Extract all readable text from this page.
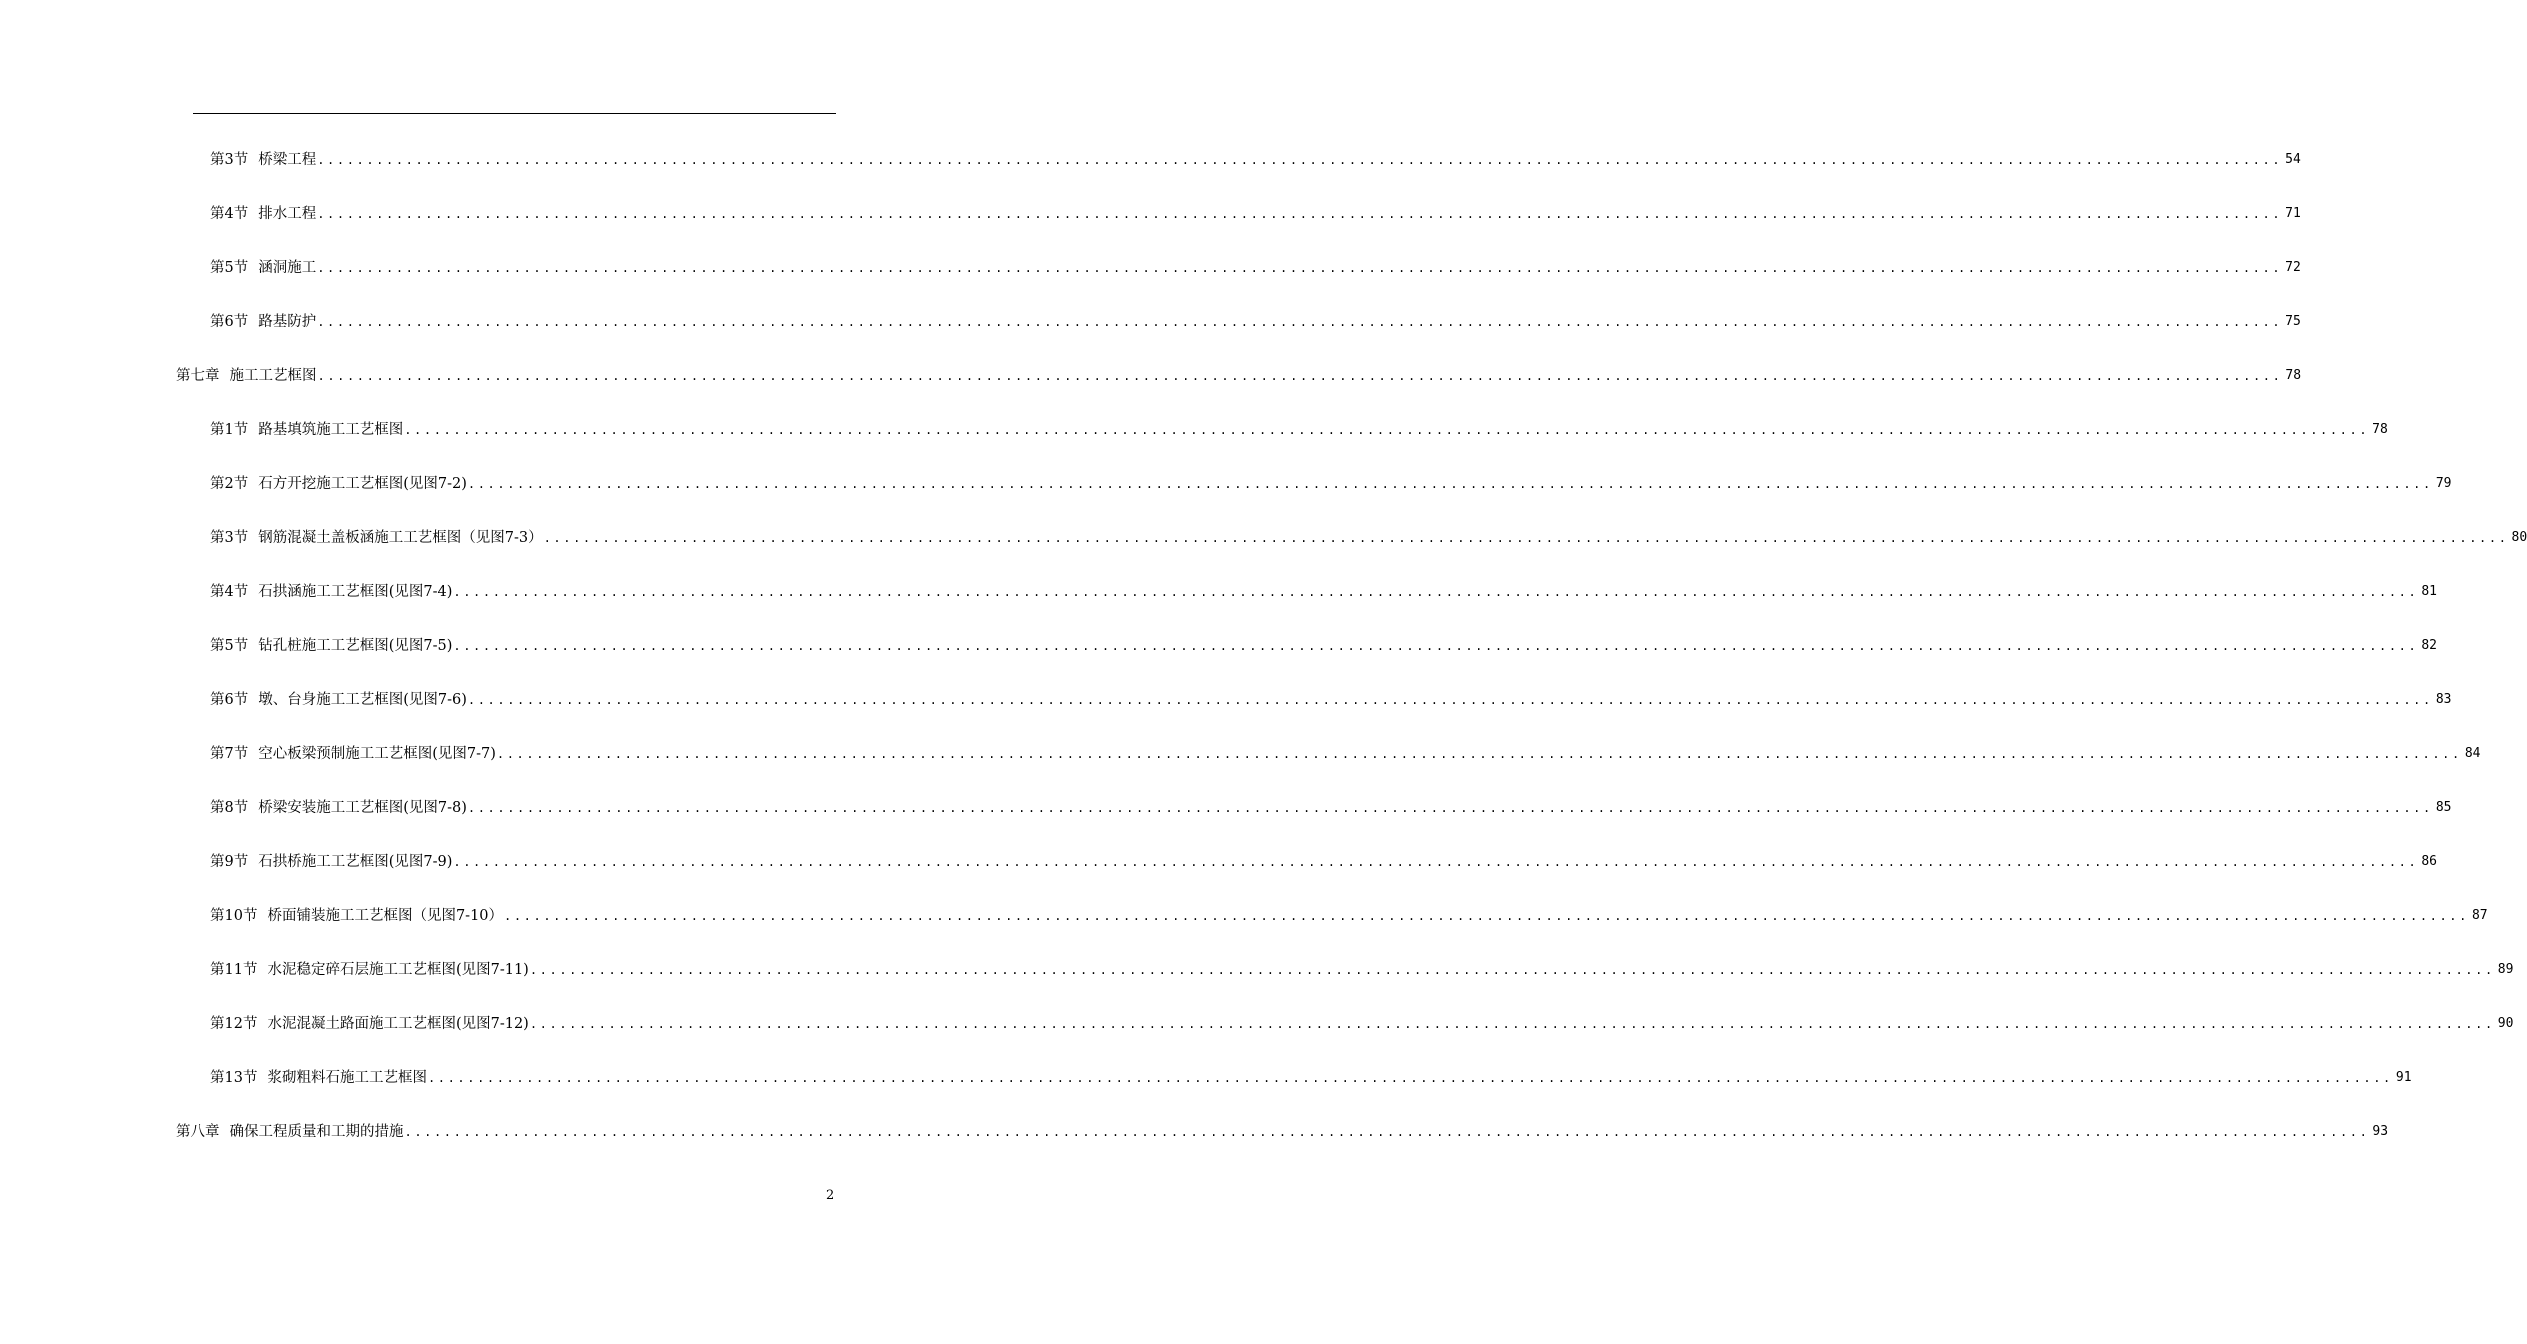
第3节 桥梁工程 ........................................................................................................................................................................................................ 54
第4节 排水工程 ........................................................................................................................................................................................................ 71
第5节 涵洞施工 ........................................................................................................................................................................................................ 72
第6节 路基防护 ........................................................................................................................................................................................................ 75
第七章 施工工艺框图 ........................................................................................................................................................................................................ 78
第1节 路基填筑施工工艺框图 ........................................................................................................................................................................................................ 78
第2节 石方开挖施工工艺框图(见图7-2) ........................................................................................................................................................................................................ 79
第3节 钢筋混凝土盖板涵施工工艺框图（见图7-3） ........................................................................................................................................................................................................ 80
第4节 石拱涵施工工艺框图(见图7-4) ........................................................................................................................................................................................................ 81
第5节 钻孔桩施工工艺框图(见图7-5) ........................................................................................................................................................................................................ 82
第6节 墩、台身施工工艺框图(见图7-6) ........................................................................................................................................................................................................ 83
第7节 空心板梁预制施工工艺框图(见图7-7) ........................................................................................................................................................................................................ 84
第8节 桥梁安装施工工艺框图(见图7-8) ........................................................................................................................................................................................................ 85
第9节 石拱桥施工工艺框图(见图7-9) ........................................................................................................................................................................................................ 86
第10节 桥面铺装施工工艺框图（见图7-10） ........................................................................................................................................................................................................ 87
第11节 水泥稳定碎石层施工工艺框图(见图7-11) ........................................................................................................................................................................................................ 89
第12节 水泥混凝土路面施工工艺框图(见图7-12) ........................................................................................................................................................................................................ 90
第13节 浆砌粗料石施工工艺框图 ........................................................................................................................................................................................................ 91
第八章 确保工程质量和工期的措施 ........................................................................................................................................................................................................ 93
2
